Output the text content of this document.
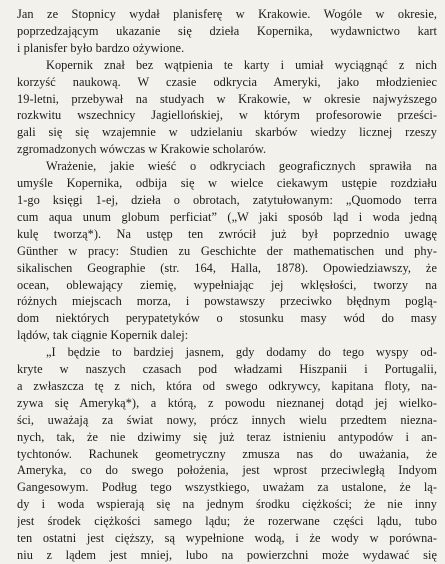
Jan ze Stopnicy wydał planisferę w Krakowie. Wogóle w okresie,
poprzedzającym ukazanie się dzieła Kopernika, wydawnictwo kart
i planisfer było bardzo ożywione.
Kopernik znał bez wątpienia te karty i umiał wyciągnąć z nich
korzyść naukową. W czasie odkrycia Ameryki, jako młodzieniec
19-letni, przebywał na studyach w Krakowie, w okresie najwyższego
rozkwitu wszechnicy Jagiellońskiej, w którym profesorowie prześci-
gali się się wzajemnie w udzielaniu skarbów wiedzy licznej rzeszy
zgromadzonych wówczas w Krakowie scholarów.
Wrażenie, jakie wieść o odkryciach geograficznych sprawiła na
umyśle Kopernika, odbija się w wielce ciekawym ustępie rozdziału
1-go księgi 1-ej, dzieła o obrotach, zatytułowanym: „Quomodo terra
cum aqua unum globum perficiat” („W jaki sposób ląd i woda jedną
kulę tworzą*). Na ustęp ten zwrócił już był poprzednio uwagę
Günther w pracy: Studien zu Geschichte der mathematischen und phy-
sikalischen Geographie (str. 164, Halla, 1878). Opowiedziawszy, że
ocean, oblewający ziemię, wypełniając jej wklęsłości, tworzy na
różnych miejscach morza, i powstawszy przeciwko błędnym poglą-
dom niektórych perypatetyków o stosunku masy wód do masy
lądów, tak ciągnie Kopernik dalej:
„I będzie to bardziej jasnem, gdy dodamy do tego wyspy od-
kryte w naszych czasach pod władzami Hiszpanii i Portugalii,
a zwłaszcza tę z nich, która od swego odkrywcy, kapitana floty, na-
zywa się Ameryką*), a którą, z powodu nieznanej dotąd jej wielko-
ści, uważają za świat nowy, prócz innych wielu przedtem niezna-
nych, tak, że nie dziwimy się już teraz istnieniu antypodów i an-
tychtonów. Rachunek geometryczny zmusza nas do uważania, że
Ameryka, co do swego położenia, jest wprost przeciwległą Indyom
Gangesowym. Podług tego wszystkiego, uważam za ustalone, że lą-
dy i woda wspierają się na jednym środku ciężkości; że nie inny
jest środek ciężkości samego lądu; że rozerwane części lądu, tubo
ten ostatni jest cięższy, są wypełnione wodą, i że wody w porówna-
niu z lądem jest mniej, lubo na powierzchni może wydawać się
